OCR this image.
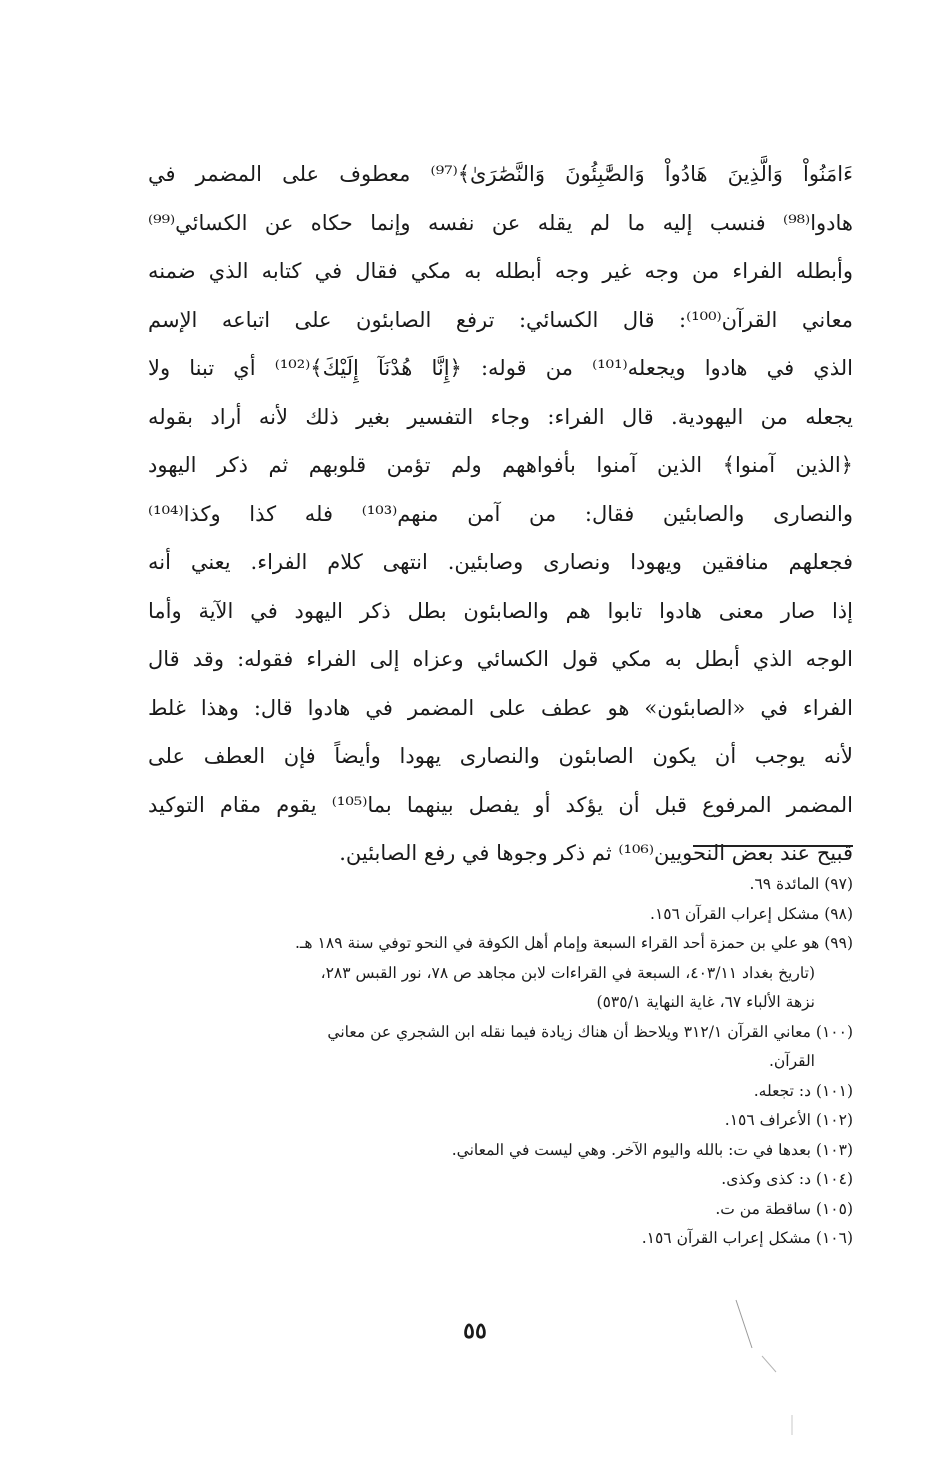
ءَامَنُواْ وَالَّذِينَ هَادُواْ وَالصَّٰبِئُونَ وَالنَّصَٰرَىٰ﴾⁽⁹⁷⁾ معطوف على المضمر في
هادوا⁽⁹⁸⁾ فنسب إليه ما لم يقله عن نفسه وإنما حكاه عن الكسائي⁽⁹⁹⁾
وأبطله الفراء من وجه غير وجه أبطله به مكي فقال في كتابه الذي ضمنه
معاني القرآن⁽¹⁰⁰⁾: قال الكسائي: ترفع الصابئون على اتباعه الإسم
الذي في هادوا ويجعله⁽¹⁰¹⁾ من قوله: ﴿إِنَّا هُدْنَآ إِلَيْكَ﴾⁽¹⁰²⁾ أي تبنا ولا
يجعله من اليهودية. قال الفراء: وجاء التفسير بغير ذلك لأنه أراد بقوله
﴿الذين آمنوا﴾ الذين آمنوا بأفواههم ولم تؤمن قلوبهم ثم ذكر اليهود
والنصارى والصابئين فقال: من آمن منهم⁽¹⁰³⁾ فله كذا وكذا⁽¹⁰⁴⁾
فجعلهم منافقين ويهودا ونصارى وصابئين. انتهى كلام الفراء. يعني أنه
إذا صار معنى هادوا تابوا هم والصابئون بطل ذكر اليهود في الآية وأما
الوجه الذي أبطل به مكي قول الكسائي وعزاه إلى الفراء فقوله: وقد قال
الفراء في «الصابئون» هو عطف على المضمر في هادوا قال: وهذا غلط
لأنه يوجب أن يكون الصابئون والنصارى يهودا وأيضاً فإن العطف على
المضمر المرفوع قبل أن يؤكد أو يفصل بينهما بما⁽¹⁰⁵⁾ يقوم مقام التوكيد
قبيح عند بعض النحويين⁽¹⁰⁶⁾ ثم ذكر وجوها في رفع الصابئين.
(٩٧) المائدة ٦٩.
(٩٨) مشكل إعراب القرآن ١٥٦.
(٩٩) هو علي بن حمزة أحد القراء السبعة وإمام أهل الكوفة في النحو توفي سنة ١٨٩ هـ.
(تاريخ بغداد ٤٠٣/١١، السبعة في القراءات لابن مجاهد ص ٧٨، نور القبس ٢٨٣،
نزهة الألباء ٦٧، غاية النهاية ٥٣٥/١)
(١٠٠) معاني القرآن ٣١٢/١ ويلاحظ أن هناك زيادة فيما نقله ابن الشجري عن معاني
القرآن.
(١٠١) د: تجعله.
(١٠٢) الأعراف ١٥٦.
(١٠٣) بعدها في ت: بالله واليوم الآخر. وهي ليست في المعاني.
(١٠٤) د: كذى وكذى.
(١٠٥) ساقطة من ت.
(١٠٦) مشكل إعراب القرآن ١٥٦.
٥٥
